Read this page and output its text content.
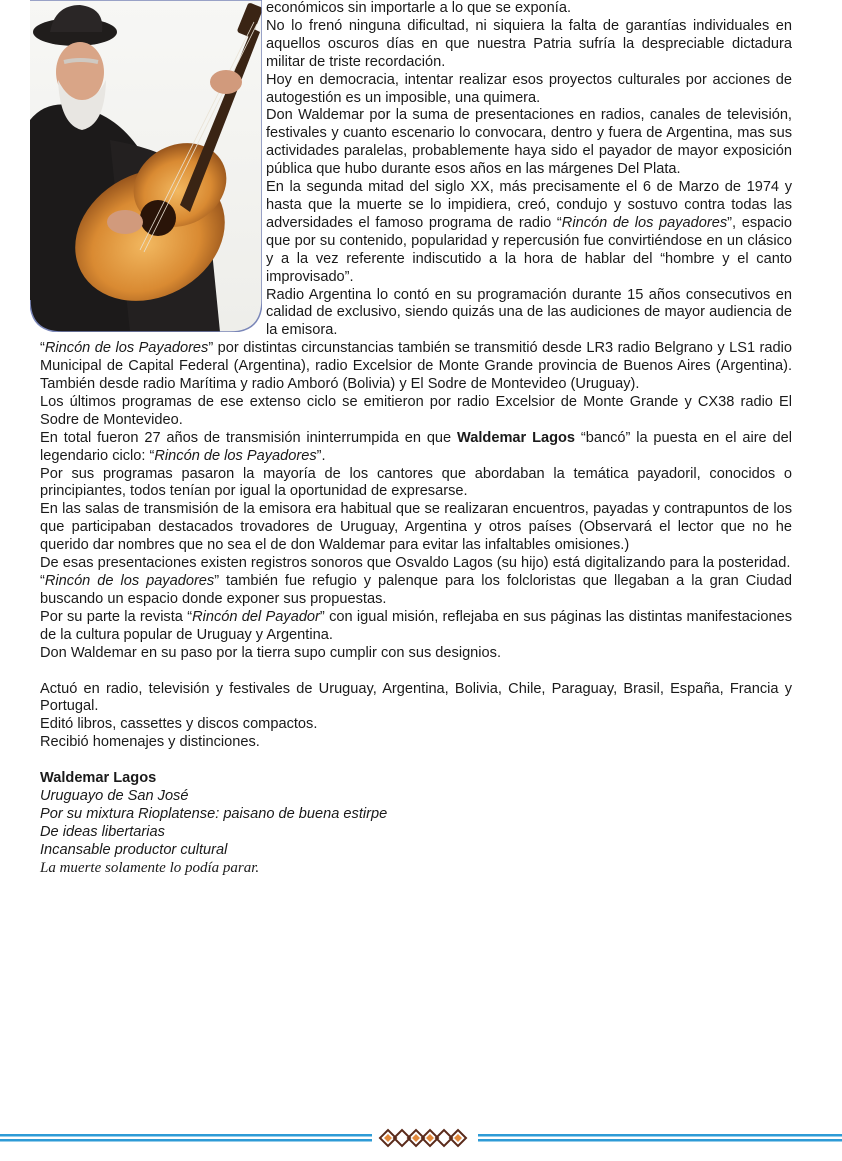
económicos sin importarle a lo que se exponía.

No lo frenó ninguna dificultad, ni siquiera la falta de garantías individuales en aquellos oscuros días en que nuestra Patria sufría la despreciable dictadura militar de triste recordación.

Hoy en democracia, intentar realizar esos proyectos culturales por acciones de autogestión es un imposible, una quimera.

Don Waldemar por la suma de presentaciones en radios, canales de televisión, festivales y cuanto escenario lo convocara, dentro y fuera de Argentina, mas sus actividades paralelas, probablemente haya sido el payador de mayor exposición pública que hubo durante esos años en las márgenes Del Plata.

En la segunda mitad del siglo XX, más precisamente el 6 de Marzo de 1974 y hasta que la muerte se lo impidiera, creó, condujo y sostuvo contra todas las adversidades el famoso programa de radio “Rincón de los payadores”, espacio que por su contenido, popularidad y repercusión fue convirtiéndose en un clásico y a la vez referente indiscutido a la hora de hablar del “hombre y el canto improvisado”.

Radio Argentina lo contó en su programación durante 15 años consecutivos en calidad de exclusivo, siendo quizás una de las audiciones de mayor audiencia de la emisora.

“Rincón de los Payadores” por distintas circunstancias también se transmitió desde LR3 radio Belgrano y LS1 radio Municipal de Capital Federal (Argentina), radio Excelsior de Monte Grande provincia de Buenos Aires (Argentina). También desde radio Marítima y radio Amboró (Bolivia) y El Sodre de Montevideo (Uruguay).

Los últimos programas de ese extenso ciclo se emitieron por radio Excelsior de Monte Grande y CX38 radio El Sodre de Montevideo.

En total fueron 27 años de transmisión ininterrumpida en que Waldemar Lagos “bancó” la puesta en el aire del legendario ciclo: “Rincón de los Payadores”.

Por sus programas pasaron la mayoría de los cantores que abordaban la temática payadoril, conocidos o principiantes, todos tenían por igual la oportunidad de expresarse.

En las salas de transmisión de la emisora era habitual que se realizaran encuentros, payadas y contrapuntos de los que participaban destacados trovadores de Uruguay, Argentina y otros países (Observará el lector que no he querido dar nombres que no sea el de don Waldemar para evitar las infaltables omisiones.)

De esas presentaciones existen registros sonoros que Osvaldo Lagos (su hijo) está digitalizando para la posteridad.

“Rincón de los payadores” también fue refugio y palenque para los folcloristas que llegaban a la gran Ciudad buscando un espacio donde exponer sus propuestas.

Por su parte la revista “Rincón del Payador” con igual misión, reflejaba en sus páginas las distintas manifestaciones de la cultura popular de Uruguay y Argentina.

Don Waldemar en su paso por la tierra supo cumplir con sus designios.

Actuó en radio, televisión y festivales de Uruguay, Argentina, Bolivia, Chile, Paraguay, Brasil, España, Francia y Portugal.

Editó libros, cassettes y discos compactos.

Recibió homenajes y distinciones.

Waldemar Lagos

Uruguayo de San José

Por su mixtura Rioplatense: paisano de buena estirpe

De ideas libertarias

Incansable productor cultural

La muerte solamente lo podía parar.
